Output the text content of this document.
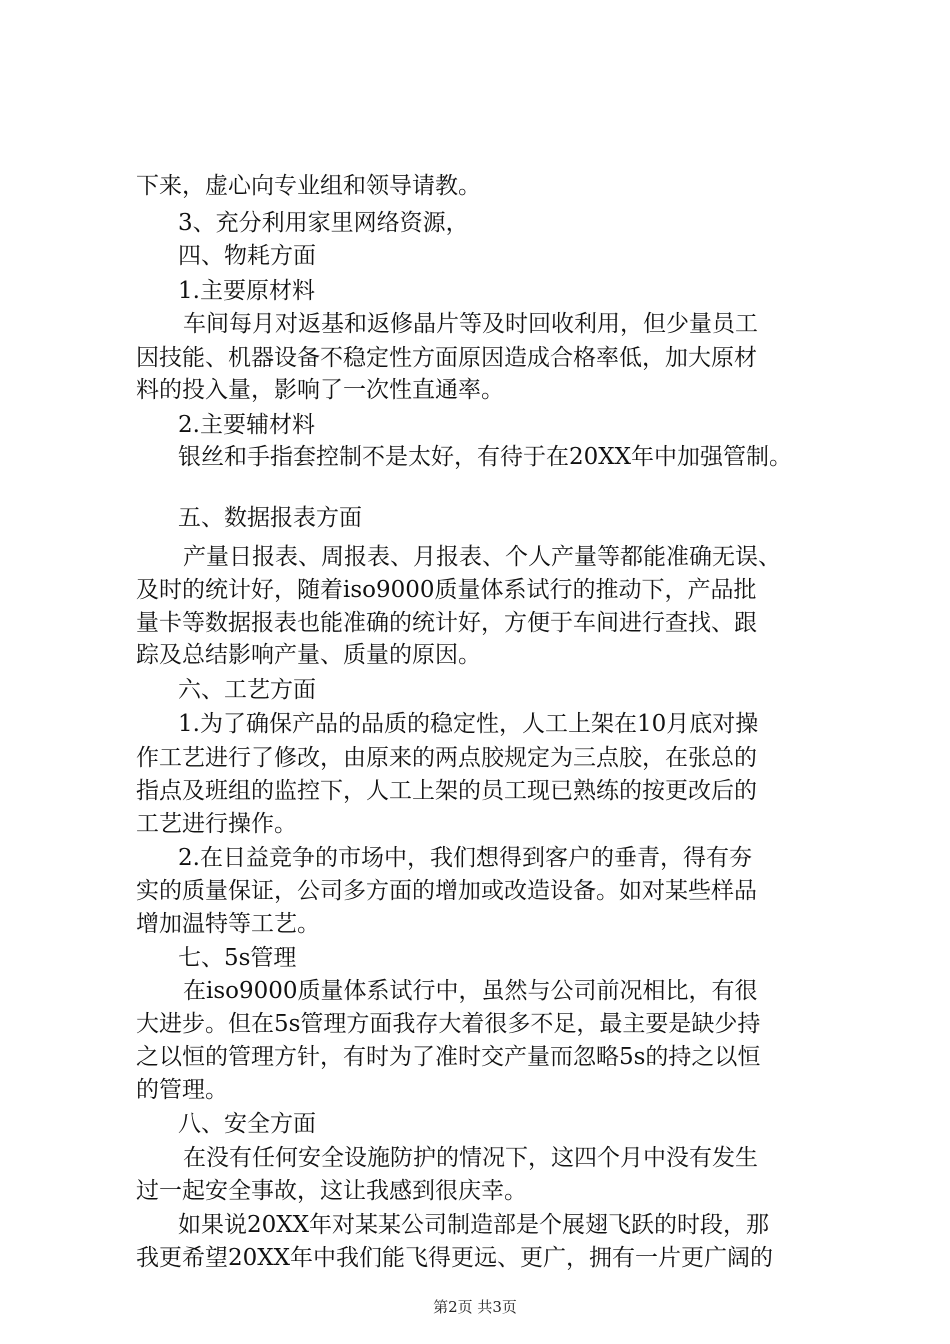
下来，虚心向专业组和领导请教。
3、充分利用家里网络资源，
四、物耗方面
1.主要原材料
车间每月对返基和返修晶片等及时回收利用，但少量员工
因技能、机器设备不稳定性方面原因造成合格率低，加大原材
料的投入量，影响了一次性直通率。
2.主要辅材料
银丝和手指套控制不是太好，有待于在20XX年中加强管制。
五、数据报表方面
产量日报表、周报表、月报表、个人产量等都能准确无误、
及时的统计好，随着iso9000质量体系试行的推动下，产品批
量卡等数据报表也能准确的统计好，方便于车间进行查找、跟
踪及总结影响产量、质量的原因。
六、工艺方面
1.为了确保产品的品质的稳定性，人工上架在10月底对操
作工艺进行了修改，由原来的两点胶规定为三点胶，在张总的
指点及班组的监控下，人工上架的员工现已熟练的按更改后的
工艺进行操作。
2.在日益竞争的市场中，我们想得到客户的垂青，得有夯
实的质量保证，公司多方面的增加或改造设备。如对某些样品
增加温特等工艺。
七、5s管理
在iso9000质量体系试行中，虽然与公司前况相比，有很
大进步。但在5s管理方面我存大着很多不足，最主要是缺少持
之以恒的管理方针，有时为了准时交产量而忽略5s的持之以恒
的管理。
八、安全方面
在没有任何安全设施防护的情况下，这四个月中没有发生
过一起安全事故，这让我感到很庆幸。
如果说20XX年对某某公司制造部是个展翅飞跃的时段，那
我更希望20XX年中我们能飞得更远、更广，拥有一片更广阔的
第2页 共3页
